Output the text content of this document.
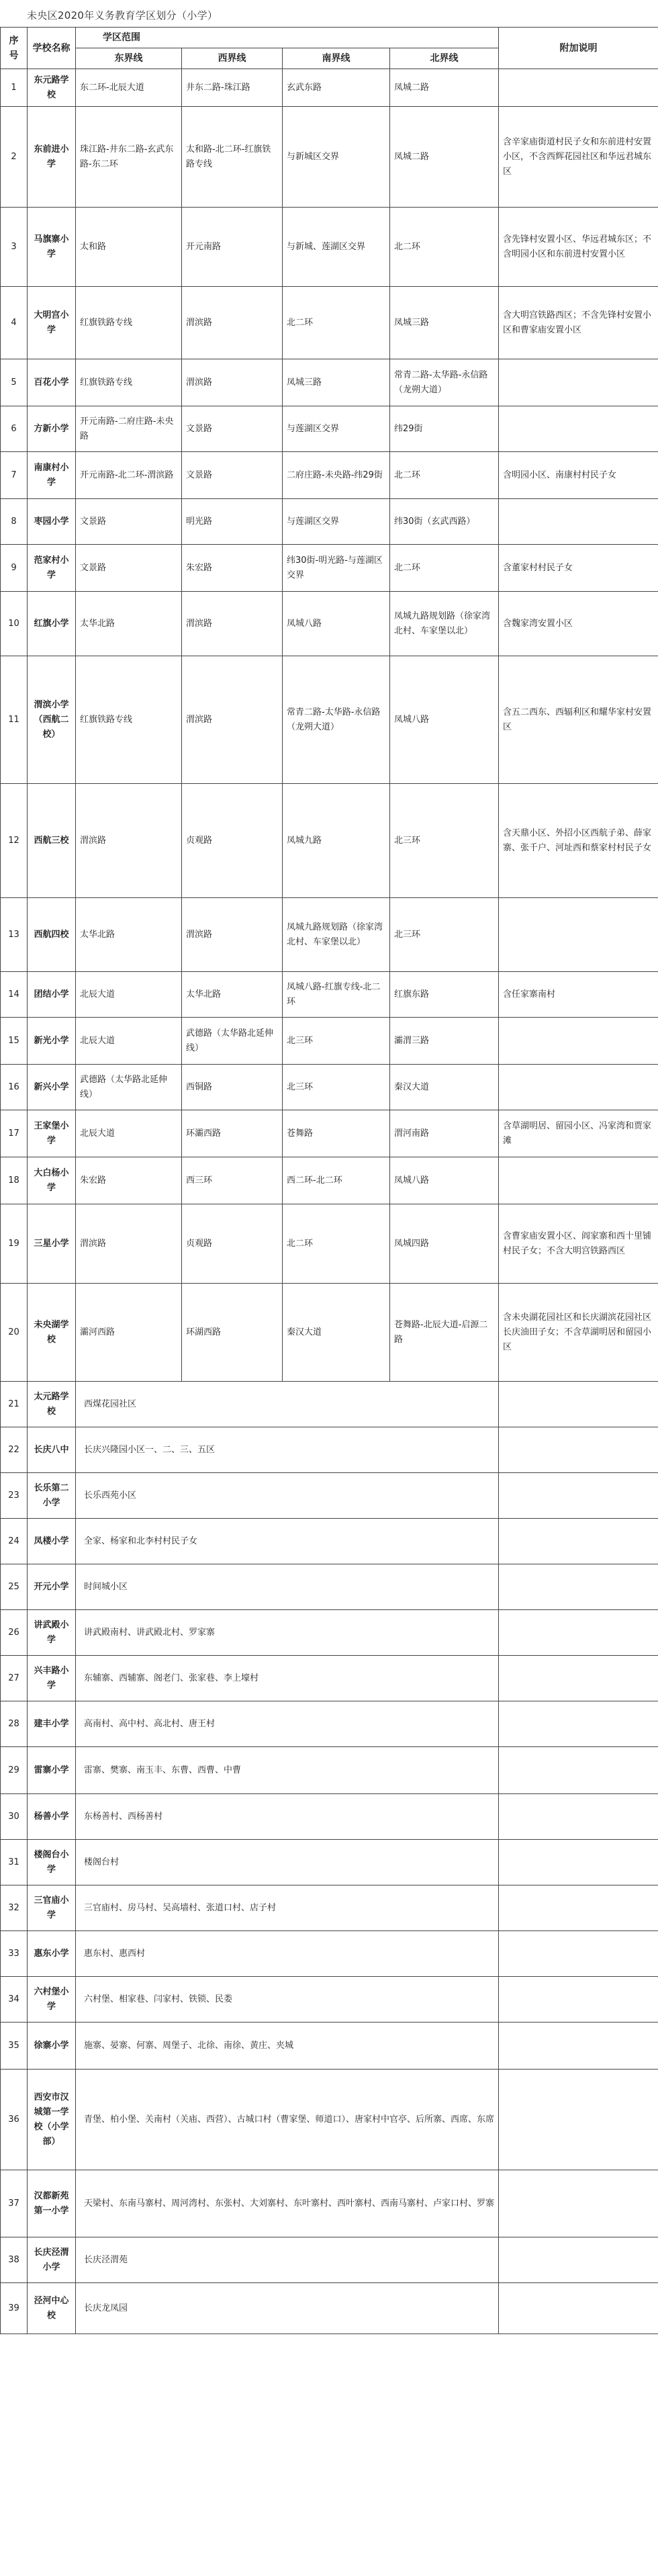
未央区2020年义务教育学区划分（小学）
序号	学校名称	学区范围				附加说明
		东界线	西界线	南界线	北界线	
1	东元路学校	东二环-北辰大道	井东二路-珠江路	玄武东路	凤城二路	
2	东前进小学	珠江路-井东二路-玄武东路-东二环	太和路-北二环-红旗铁路专线	与新城区交界	凤城二路	含辛家庙街道村民子女和东前进村安置小区，不含西辉花园社区和华远君城东区
3	马旗寨小学	太和路	开元南路	与新城、莲湖区交界	北二环	含先锋村安置小区、华远君城东区；不含明园小区和东前进村安置小区
4	大明宫小学	红旗铁路专线	渭滨路	北二环	凤城三路	含大明宫铁路西区；不含先锋村安置小区和曹家庙安置小区
5	百花小学	红旗铁路专线	渭滨路	凤城三路	常青二路-太华路-永信路（龙朔大道）	
6	方新小学	开元南路-二府庄路-未央路	文景路	与莲湖区交界	纬29街	
7	南康村小学	开元南路-北二环-渭滨路	文景路	二府庄路-未央路-纬29街	北二环	含明园小区、南康村村民子女
8	枣园小学	文景路	明光路	与莲湖区交界	纬30街（玄武西路）	
9	范家村小学	文景路	朱宏路	纬30街-明光路-与莲湖区交界	北二环	含董家村村民子女
10	红旗小学	太华北路	渭滨路	凤城八路	凤城九路规划路（徐家湾北村、车家堡以北）	含魏家湾安置小区
11	渭滨小学（西航二校）	红旗铁路专线	渭滨路	常青二路-太华路-永信路（龙朔大道）	凤城八路	含五二西东、西辐利区和耀华家村安置区
12	西航三校	渭滨路	贞观路	凤城九路	北三环	含天鼎小区、外招小区西航子弟、薛家寨、张千户、河址西和蔡家村村民子女
13	西航四校	太华北路	渭滨路	凤城九路规划路（徐家湾北村、车家堡以北）	北三环	
14	团结小学	北辰大道	太华北路	凤城八路-红旗专线-北二环	红旗东路	含任家寨南村
15	新光小学	北辰大道	武德路（太华路北延伸线）	北三环	灞渭三路	
16	新兴小学	武德路（太华路北延伸线）	西铜路	北三环	秦汉大道	
17	王家堡小学	北辰大道	环灞西路	苍舞路	渭河南路	含草湖明居、留园小区、冯家湾和贾家滩
18	大白杨小学	朱宏路	西三环	西二环-北二环	凤城八路	
19	三星小学	渭滨路	贞观路	北二环	凤城四路	含曹家庙安置小区、阎家寨和西十里铺村民子女；不含大明宫铁路西区
20	未央湖学校	灞河西路	环湖西路	秦汉大道	苍舞路-北辰大道-启源二路	含未央湖花园社区和长庆湖滨花园社区长庆油田子女；不含草湖明居和留园小区
21	太元路学校	西煤花园社区				
22	长庆八中	长庆兴隆园小区一、二、三、五区				
23	长乐第二小学	长乐西苑小区				
24	凤楼小学	全家、杨家和北李村村民子女				
25	开元小学	时间城小区				
26	讲武殿小学	讲武殿南村、讲武殿北村、罗家寨				
27	兴丰路小学	东辅寨、西辅寨、阁老门、张家巷、李上壕村				
28	建丰小学	高南村、高中村、高北村、唐王村				
29	雷寨小学	雷寨、樊寨、南玉丰、东曹、西曹、中曹				
30	杨善小学	东杨善村、西杨善村				
31	楼阁台小学	楼阁台村				
32	三官庙小学	三官庙村、房马村、吴高墙村、张道口村、店子村				
33	惠东小学	惠东村、惠西村				
34	六村堡小学	六村堡、相家巷、闫家村、铁锁、民娄				
35	徐寨小学	施寨、晏寨、何寨、周堡子、北徐、南徐、黄庄、夹城				
36	西安市汉城第一学校（小学部）	青堡、柏小堡、关南村（关庙、西营）、古城口村（曹家堡、师道口）、唐家村中官亭、后所寨、西席、东席				
37	汉都新苑第一小学	天梁村、东南马寨村、周河湾村、东张村、大刘寨村、东叶寨村、西叶寨村、西南马寨村、卢家口村、罗寨				
38	长庆泾渭小学	长庆泾渭苑				
39	泾河中心校	长庆龙凤园				
